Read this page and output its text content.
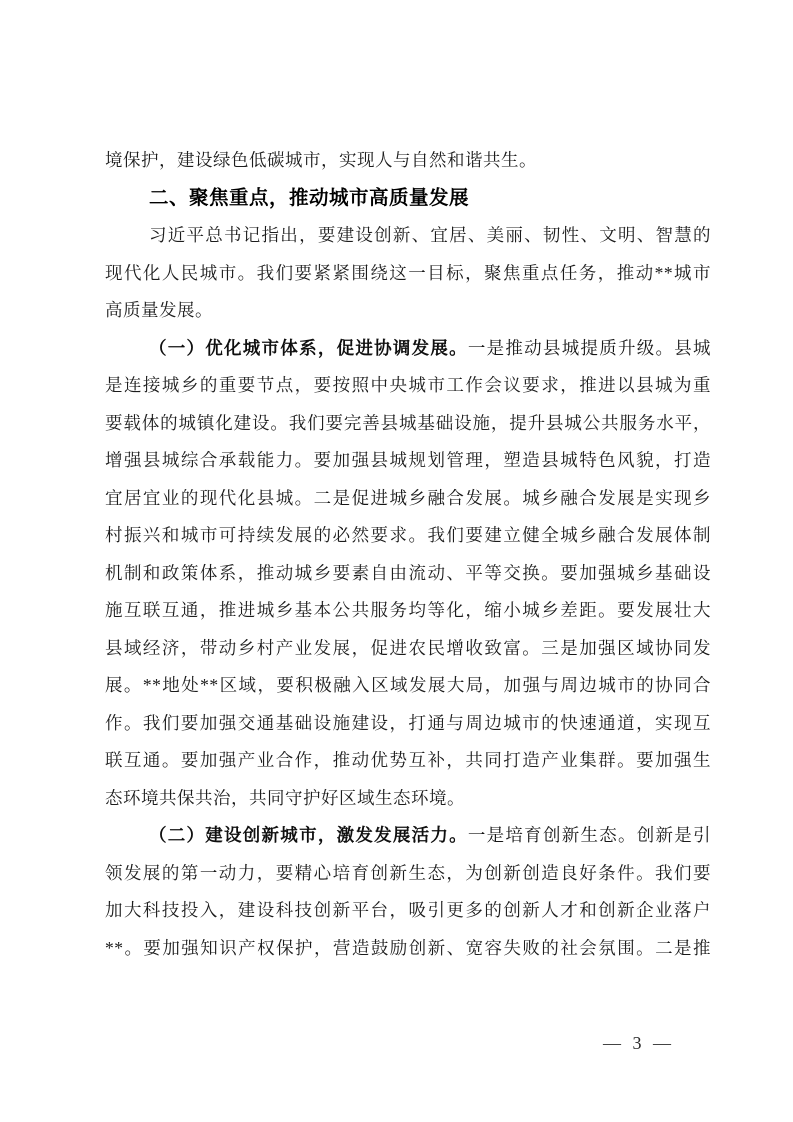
境保护，建设绿色低碳城市，实现人与自然和谐共生。
二、聚焦重点，推动城市高质量发展
习近平总书记指出，要建设创新、宜居、美丽、韧性、文明、智慧的
现代化人民城市。我们要紧紧围绕这一目标，聚焦重点任务，推动**城市
高质量发展。
（一）优化城市体系，促进协调发展。一是推动县城提质升级。县城
是连接城乡的重要节点，要按照中央城市工作会议要求，推进以县城为重
要载体的城镇化建设。我们要完善县城基础设施，提升县城公共服务水平，
增强县城综合承载能力。要加强县城规划管理，塑造县城特色风貌，打造
宜居宜业的现代化县城。二是促进城乡融合发展。城乡融合发展是实现乡
村振兴和城市可持续发展的必然要求。我们要建立健全城乡融合发展体制
机制和政策体系，推动城乡要素自由流动、平等交换。要加强城乡基础设
施互联互通，推进城乡基本公共服务均等化，缩小城乡差距。要发展壮大
县域经济，带动乡村产业发展，促进农民增收致富。三是加强区域协同发
展。**地处**区域，要积极融入区域发展大局，加强与周边城市的协同合
作。我们要加强交通基础设施建设，打通与周边城市的快速通道，实现互
联互通。要加强产业合作，推动优势互补，共同打造产业集群。要加强生
态环境共保共治，共同守护好区域生态环境。
（二）建设创新城市，激发发展活力。一是培育创新生态。创新是引
领发展的第一动力，要精心培育创新生态，为创新创造良好条件。我们要
加大科技投入，建设科技创新平台，吸引更多的创新人才和创新企业落户
**。要加强知识产权保护，营造鼓励创新、宽容失败的社会氛围。二是推
— 3 —
